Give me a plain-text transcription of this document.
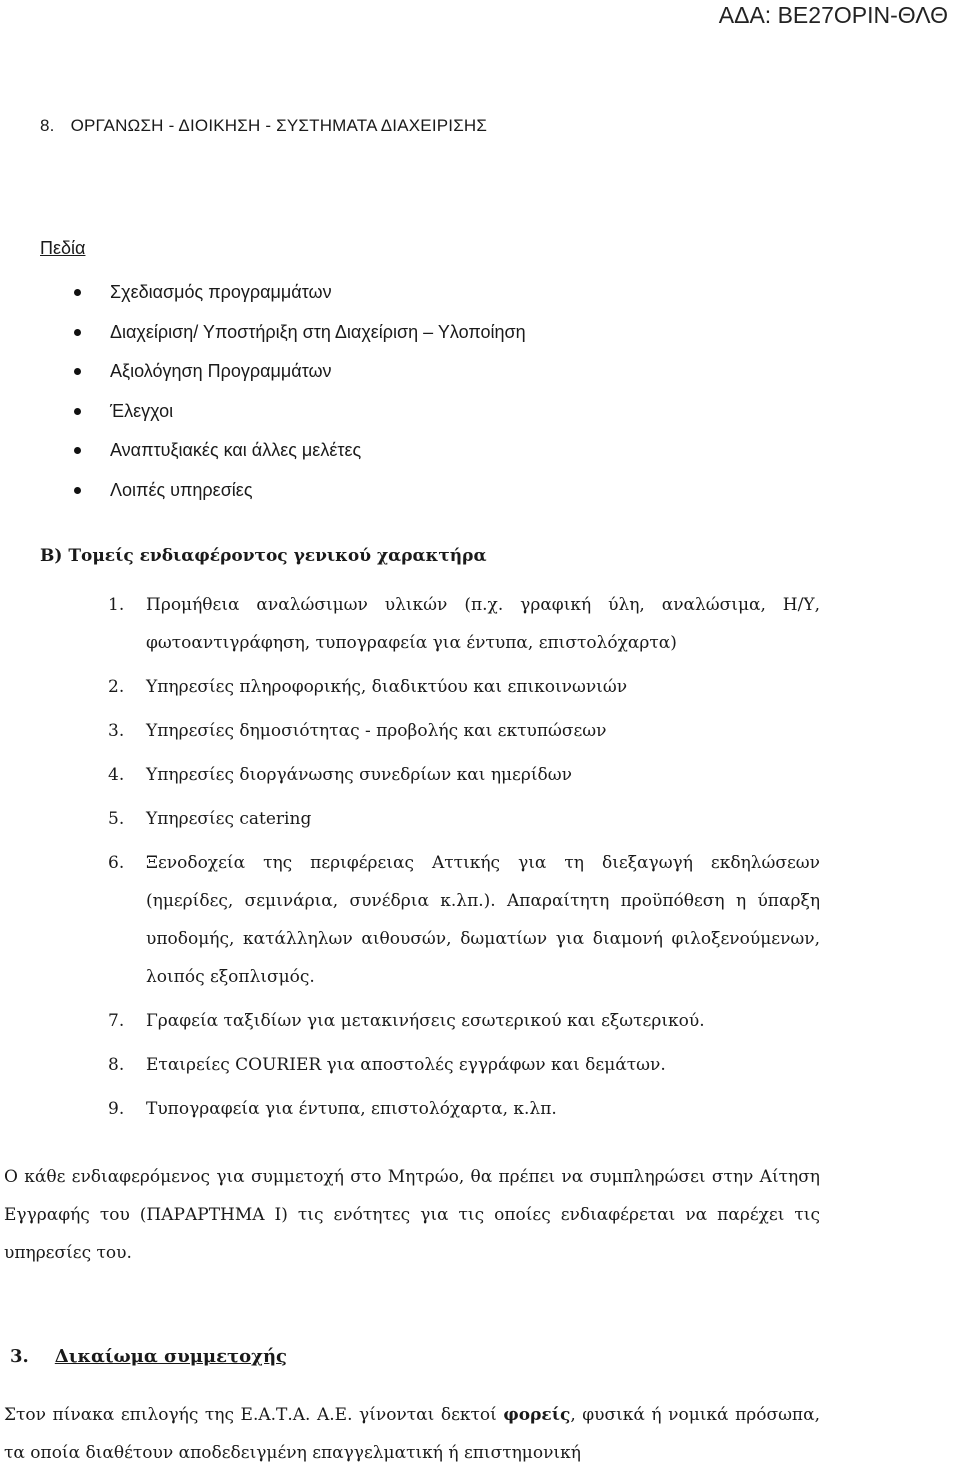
ΑΔΑ: ΒΕ27ΟΡΙΝ-ΘΛΘ
8. ΟΡΓΑΝΩΣΗ - ΔΙΟΙΚΗΣΗ - ΣΥΣΤΗΜΑΤΑ ΔΙΑΧΕΙΡΙΣΗΣ
Πεδία
Σχεδιασμός προγραμμάτων
Διαχείριση/ Υποστήριξη στη Διαχείριση – Υλοποίηση
Αξιολόγηση Προγραμμάτων
Έλεγχοι
Αναπτυξιακές και άλλες μελέτες
Λοιπές υπηρεσίες
Β) Τομείς ενδιαφέροντος γενικού χαρακτήρα
1. Προμήθεια αναλώσιμων υλικών (π.χ. γραφική ύλη, αναλώσιμα, Η/Υ, φωτοαντιγράφηση, τυπογραφεία για έντυπα, επιστολόχαρτα)
2. Υπηρεσίες πληροφορικής, διαδικτύου και επικοινωνιών
3. Υπηρεσίες δημοσιότητας - προβολής και εκτυπώσεων
4. Υπηρεσίες διοργάνωσης συνεδρίων και ημερίδων
5. Υπηρεσίες catering
6. Ξενοδοχεία της περιφέρειας Αττικής για τη διεξαγωγή εκδηλώσεων (ημερίδες, σεμινάρια, συνέδρια κ.λπ.). Απαραίτητη προϋπόθεση η ύπαρξη υποδομής, κατάλληλων αιθουσών, δωματίων για διαμονή φιλοξενούμενων, λοιπός εξοπλισμός.
7. Γραφεία ταξιδίων για μετακινήσεις εσωτερικού και εξωτερικού.
8. Εταιρείες COURIER για αποστολές εγγράφων και δεμάτων.
9. Τυπογραφεία για έντυπα, επιστολόχαρτα, κ.λπ.

Ο κάθε ενδιαφερόμενος για συμμετοχή στο Μητρώο, θα πρέπει να συμπληρώσει στην Αίτηση Εγγραφής του (ΠΑΡΑΡΤΗΜΑ Ι) τις ενότητες για τις οποίες ενδιαφέρεται να παρέχει τις υπηρεσίες του.

3. Δικαίωμα συμμετοχής

Στον πίνακα επιλογής της Ε.Α.Τ.Α. Α.Ε. γίνονται δεκτοί φορείς, φυσικά ή νομικά πρόσωπα, τα οποία διαθέτουν αποδεδειγμένη επαγγελματική ή επιστημονική
